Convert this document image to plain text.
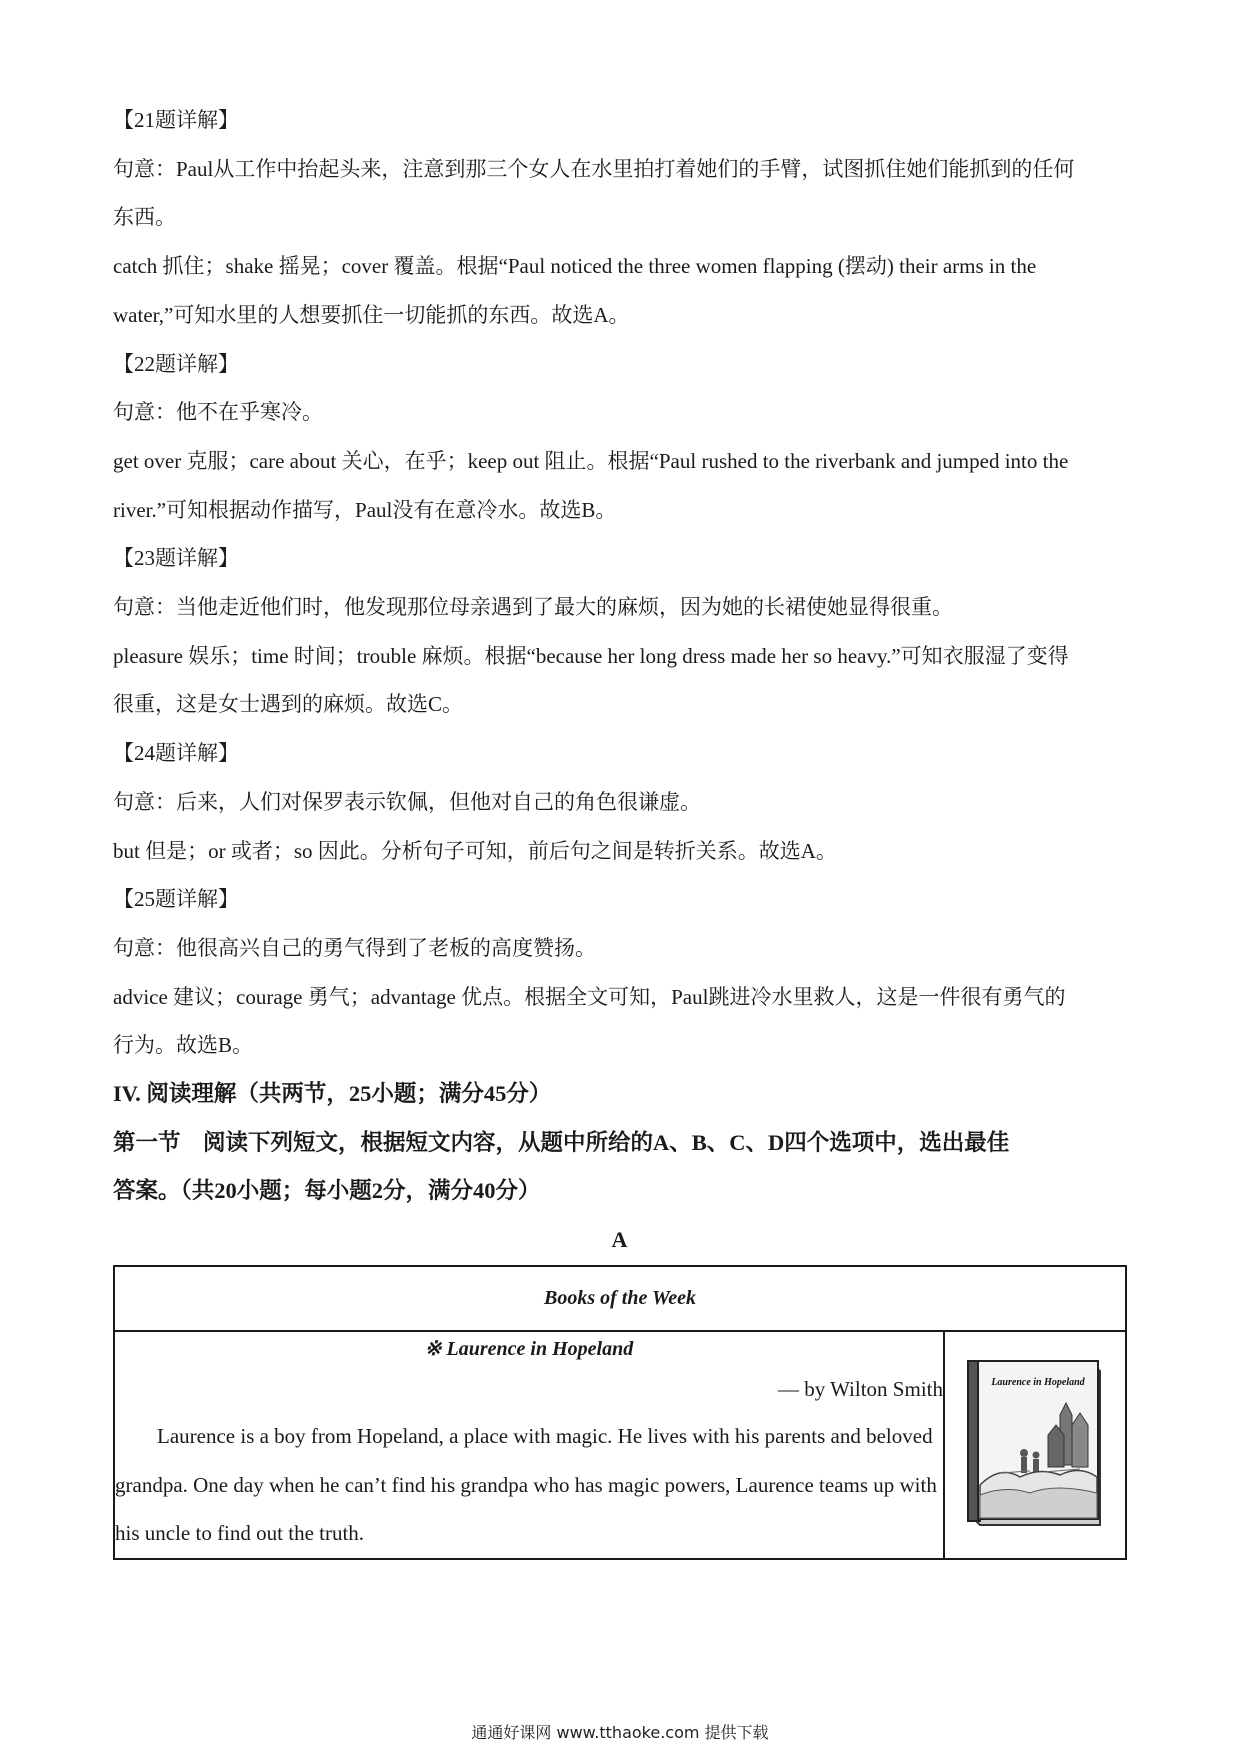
【21题详解】
句意：Paul从工作中抬起头来，注意到那三个女人在水里拍打着她们的手臂，试图抓住她们能抓到的任何
东西。
catch 抓住；shake 摇晃；cover 覆盖。根据“Paul noticed the three women flapping (摆动) their arms in the
water,”可知水里的人想要抓住一切能抓的东西。故选A。
【22题详解】
句意：他不在乎寒冷。
get over 克服；care about 关心，在乎；keep out 阻止。根据“Paul rushed to the riverbank and jumped into the
river.”可知根据动作描写，Paul没有在意冷水。故选B。
【23题详解】
句意：当他走近他们时，他发现那位母亲遇到了最大的麻烦，因为她的长裙使她显得很重。
pleasure 娱乐；time 时间；trouble 麻烦。根据“because her long dress made her so heavy.”可知衣服湿了变得
很重，这是女士遇到的麻烦。故选C。
【24题详解】
句意：后来，人们对保罗表示钦佩，但他对自己的角色很谦虚。
but 但是；or 或者；so 因此。分析句子可知，前后句之间是转折关系。故选A。
【25题详解】
句意：他很高兴自己的勇气得到了老板的高度赞扬。
advice 建议；courage 勇气；advantage 优点。根据全文可知，Paul跳进冷水里救人，这是一件很有勇气的
行为。故选B。
IV. 阅读理解（共两节，25小题；满分45分）
第一节　阅读下列短文，根据短文内容，从题中所给的A、B、C、D四个选项中，选出最佳
答案。（共20小题；每小题2分，满分40分）
A
Books of the Week

※ Laurence in Hopeland
— by Wilton Smith
Laurence is a boy from Hopeland, a place with magic. He lives with his parents and beloved grandpa. One day when he can’t find his grandpa who has magic powers, Laurence teams up with his uncle to find out the truth.

Laurence in Hopeland
通通好课网 www.tthaoke.com 提供下载
